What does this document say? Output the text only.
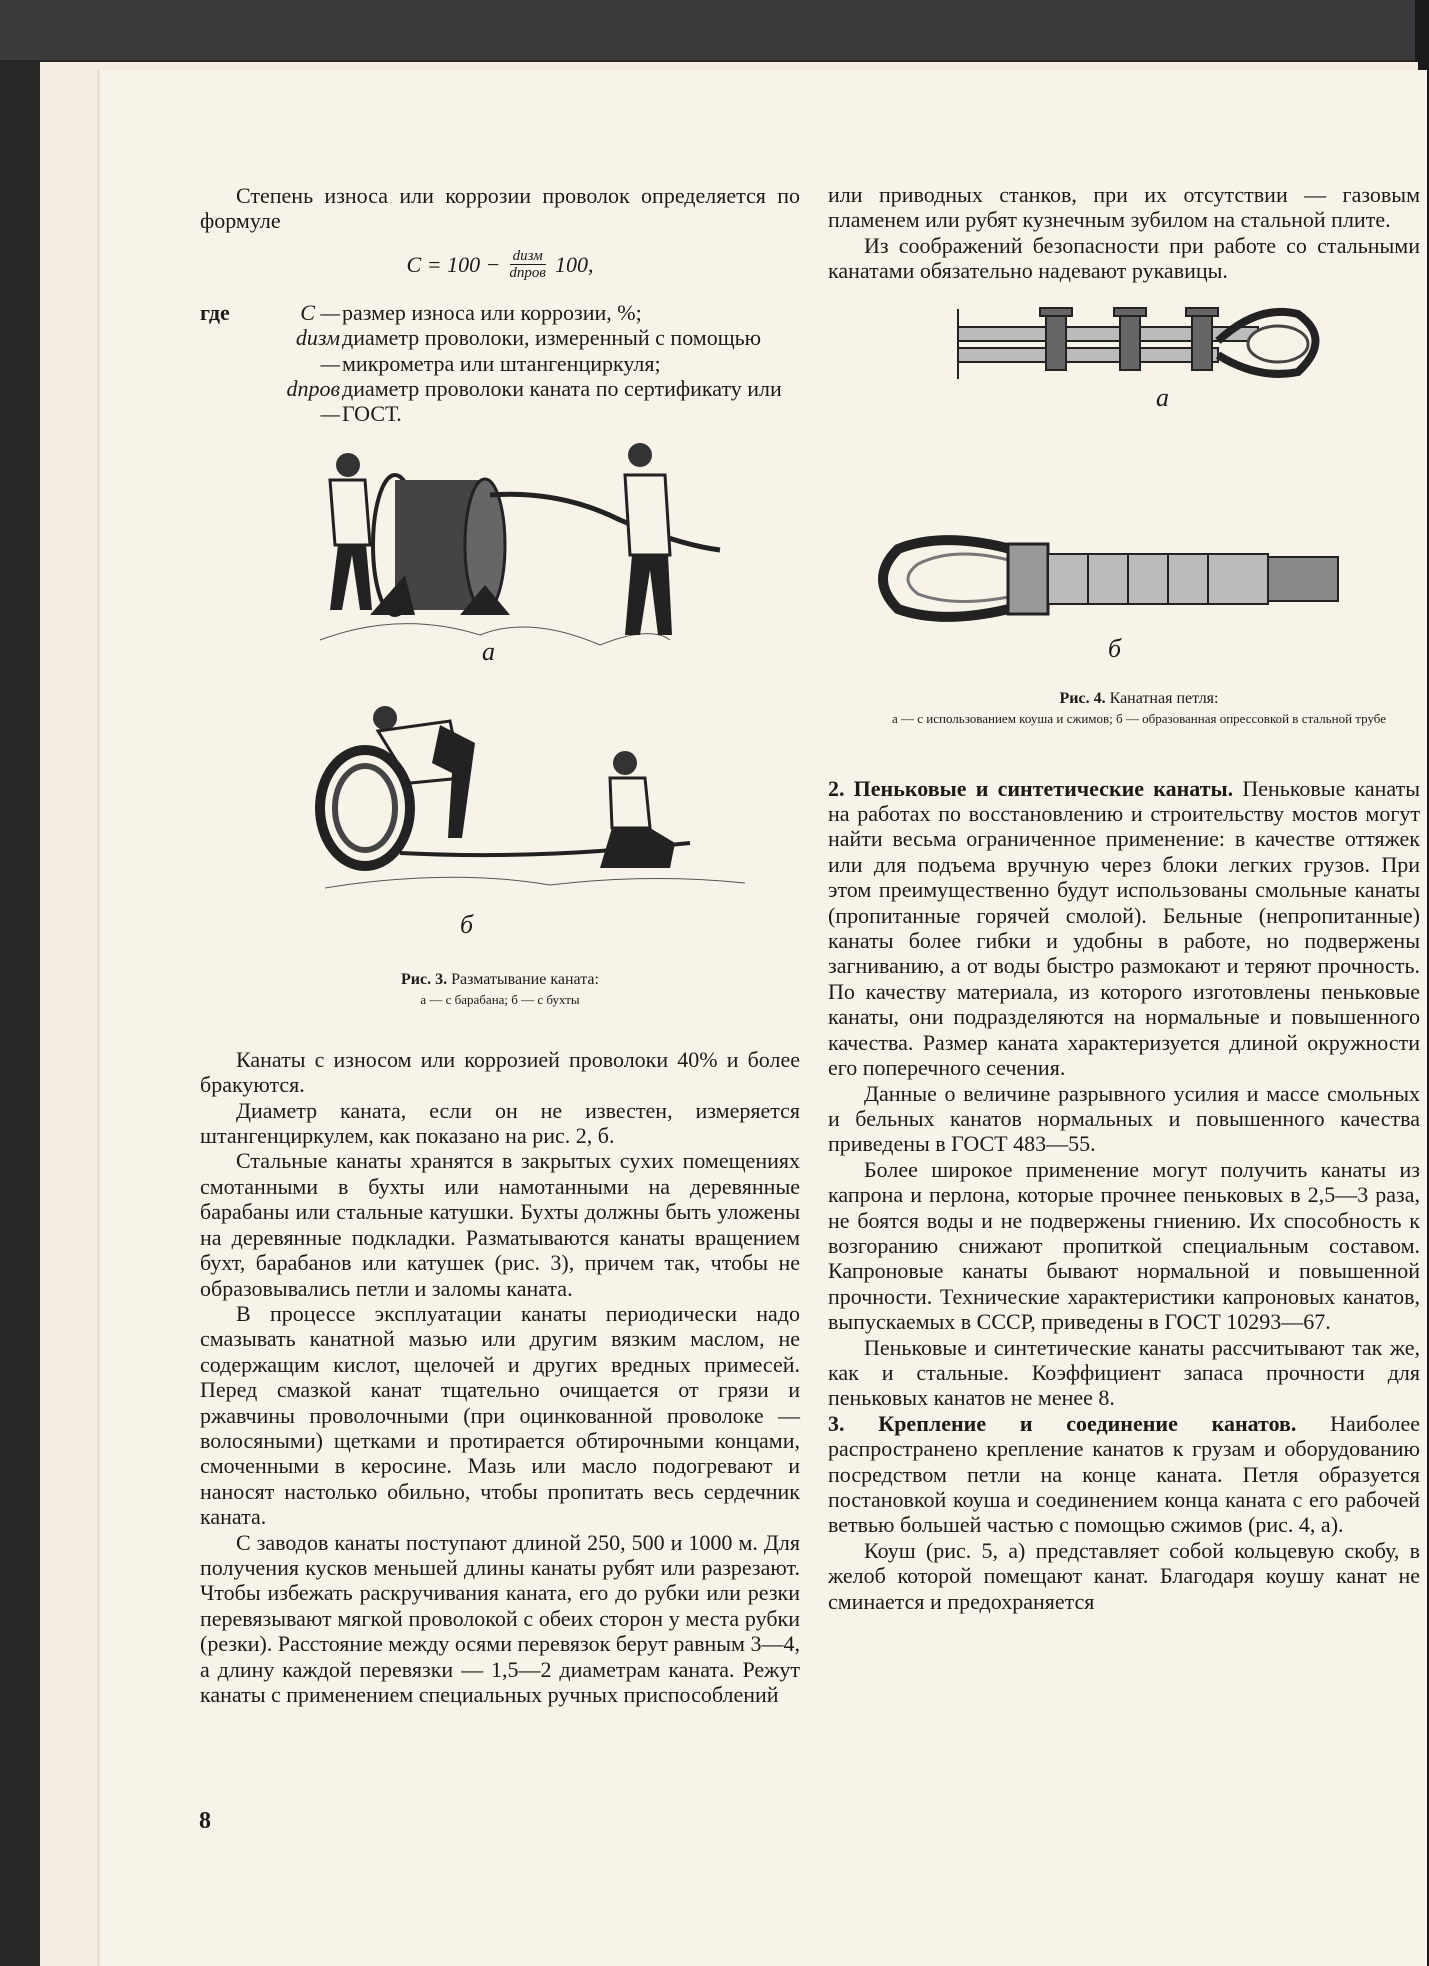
Степень износа или коррозии проволок определяется по формуле

$C = 100 - \frac{\text{dизм}}{\text{dпров}} 100$,
где	C — размер износа или коррозии, %;
dизм —
диаметр проволоки, измеренный с помощью микрометра или штангенциркуля;
dпров —
диаметр проволоки каната по сертификату или ГОСТ.
а
б
Рис. 3. Разматывание каната:
а — с барабана; б — с бухты

Канаты с износом или коррозией проволоки 40% и более бракуются.

Диаметр каната, если он не известен, измеряется штангенциркулем, как показано на рис. 2, б.

Стальные канаты хранятся в закрытых сухих помещениях смотанными в бухты или намотанными на деревянные барабаны или стальные катушки. Бухты должны быть уложены на деревянные подкладки. Разматываются канаты вращением бухт, барабанов или катушек (рис. 3), причем так, чтобы не образовывались петли и заломы каната.

В процессе эксплуатации канаты периодически надо смазывать канатной мазью или другим вязким маслом, не содержащим кислот, щелочей и других вредных примесей. Перед смазкой канат тщательно очищается от грязи и ржавчины проволочными (при оцинкованной проволоке — волосяными) щетками и протирается обтирочными концами, смоченными в керосине. Мазь или масло подогревают и наносят настолько обильно, чтобы пропитать весь сердечник каната.

С заводов канаты поступают длиной 250, 500 и 1000 м. Для получения кусков меньшей длины канаты рубят или разрезают. Чтобы избежать раскручивания каната, его до рубки или резки перевязывают мягкой проволокой с обеих сторон у места рубки (резки). Расстояние между осями перевязок берут равным 3—4, а длину каждой перевязки — 1,5—2 диаметрам каната. Режут канаты с применением специальных ручных приспособлений

8

или приводных станков, при их отсутствии — газовым пламенем или рубят кузнечным зубилом на стальной плите.

Из соображений безопасности при работе со стальными канатами обязательно надевают рукавицы.

а
б
Рис. 4. Канатная петля:
а — с использованием коуша и сжимов; б — образованная опрессовкой в стальной трубе

2. Пеньковые и синтетические канаты. Пеньковые канаты на работах по восстановлению и строительству мостов могут найти весьма ограниченное применение: в качестве оттяжек или для подъема вручную через блоки легких грузов. При этом преимущественно будут использованы смольные канаты (пропитанные горячей смолой). Бельные (непропитанные) канаты более гибки и удобны в работе, но подвержены загниванию, а от воды быстро размокают и теряют прочность. По качеству материала, из которого изготовлены пеньковые канаты, они подразделяются на нормальные и повышенного качества. Размер каната характеризуется длиной окружности его поперечного сечения.

Данные о величине разрывного усилия и массе смольных и бельных канатов нормальных и повышенного качества приведены в ГОСТ 483—55.

Более широкое применение могут получить канаты из капрона и перлона, которые прочнее пеньковых в 2,5—3 раза, не боятся воды и не подвержены гниению. Их способность к возгоранию снижают пропиткой специальным составом. Капроновые канаты бывают нормальной и повышенной прочности. Технические характеристики капроновых канатов, выпускаемых в СССР, приведены в ГОСТ 10293—67.

Пеньковые и синтетические канаты рассчитывают так же, как и стальные. Коэффициент запаса прочности для пеньковых канатов не менее 8.

3. Крепление и соединение канатов. Наиболее распространено крепление канатов к грузам и оборудованию посредством петли на конце каната. Петля образуется постановкой коуша и соединением конца каната с его рабочей ветвью большей частью с помощью сжимов (рис. 4, а).

Коуш (рис. 5, а) представляет собой кольцевую скобу, в желоб которой помещают канат. Благодаря коушу канат не сминается и предохраняется
